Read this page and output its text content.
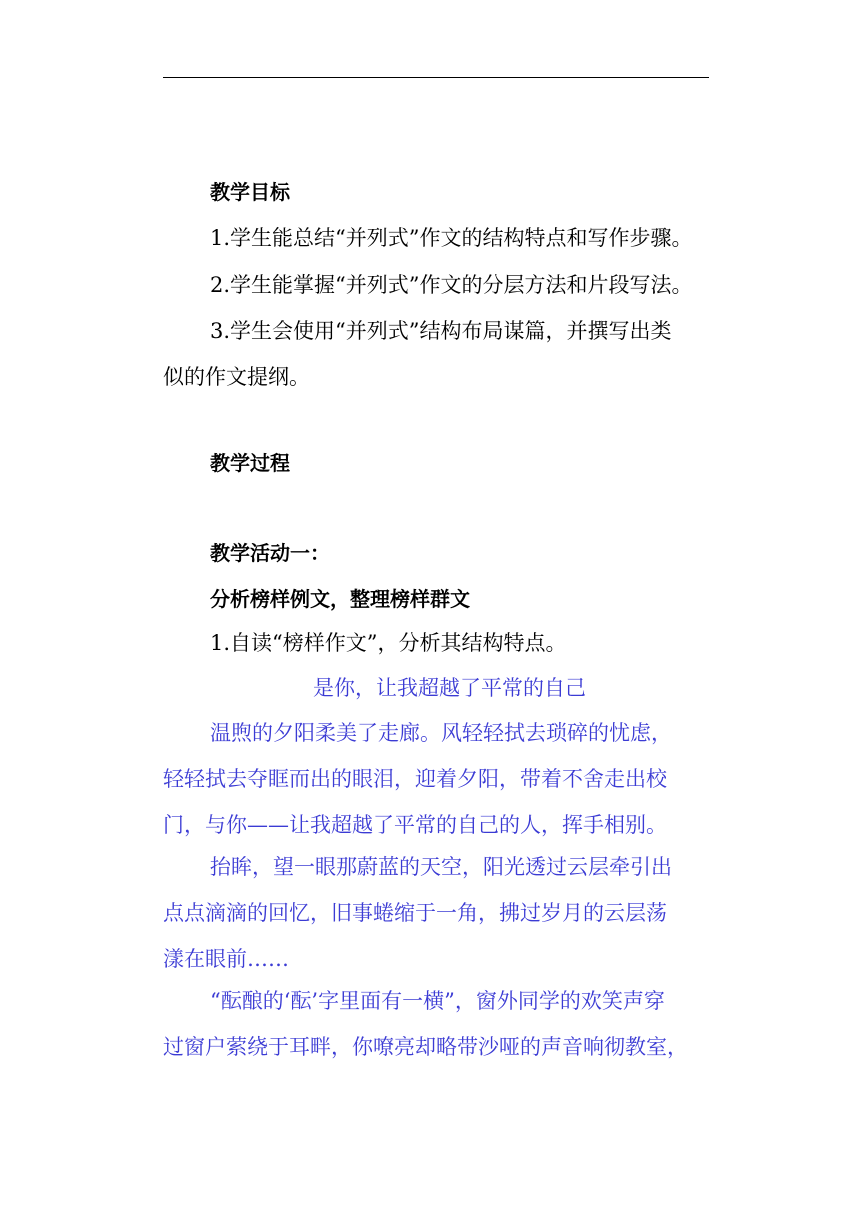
教学目标

1.学生能总结“并列式”作文的结构特点和写作步骤。

2.学生能掌握“并列式”作文的分层方法和片段写法。

3.学生会使用“并列式”结构布局谋篇，并撰写出类

似的作文提纲。

教学过程

教学活动一：

分析榜样例文，整理榜样群文

1.自读“榜样作文”，分析其结构特点。

是你，让我超越了平常的自己

温煦的夕阳柔美了走廊。风轻轻拭去琐碎的忧虑，

轻轻拭去夺眶而出的眼泪，迎着夕阳，带着不舍走出校

门，与你——让我超越了平常的自己的人，挥手相别。

抬眸，望一眼那蔚蓝的天空，阳光透过云层牵引出

点点滴滴的回忆，旧事蜷缩于一角，拂过岁月的云层荡

漾在眼前……

“酝酿的‘酝’字里面有一横”，窗外同学的欢笑声穿

过窗户萦绕于耳畔，你嘹亮却略带沙哑的声音响彻教室，
